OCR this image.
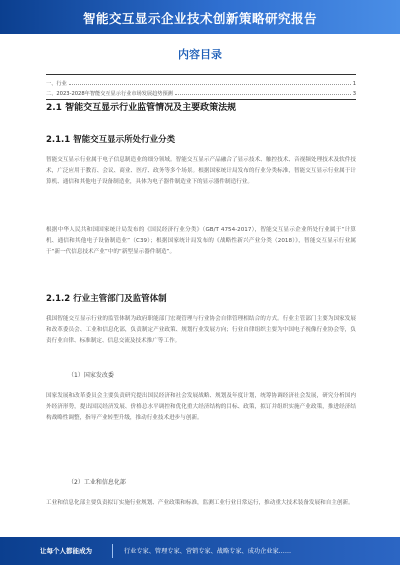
智能交互显示企业技术创新策略研究报告
内容目录
一、行业	1
二、2023-2028年智能交互显示行业市场发展趋势预测	3
2.1 智能交互显示行业监管情况及主要政策法规
2.1.1 智能交互显示所处行业分类
智能交互显示行业属于电子信息制造业的细分领域。智能交互显示产品融合了显示技术、触控技术、音视频处理技术及软件技术，广泛应用于教育、会议、商业、医疗、政务等多个场景。根据国家统计局发布的行业分类标准，智能交互显示行业属于计算机、通信和其他电子设备制造业，具体为电子器件制造业下的显示器件制造行业。
根据中华人民共和国国家统计局发布的《国民经济行业分类》（GB/T 4754-2017），智能交互显示企业所处行业属于“计算机、通信和其他电子设备制造业”（C39）；根据国家统计局发布的《战略性新兴产业分类（2018）》，智能交互显示行业属于“新一代信息技术产业”中的“新型显示器件制造”。
2.1.2 行业主管部门及监管体制
我国智能交互显示行业的监管体制为政府职能部门宏观管理与行业协会自律管理相结合的方式。行业主管部门主要为国家发展和改革委员会、工业和信息化部，负责制定产业政策、规划行业发展方向；行业自律组织主要为中国电子视像行业协会等，负责行业自律、标准制定、信息交流及技术推广等工作。
（1）国家发改委
国家发展和改革委员会主要负责研究提出国民经济和社会发展战略、规划及年度计划，统筹协调经济社会发展，研究分析国内外经济形势，提出国民经济发展、价格总水平调控和优化重大经济结构的目标、政策，拟订并组织实施产业政策，推进经济结构战略性调整，指导产业转型升级，推动行业技术进步与创新。
（2）工业和信息化部
工业和信息化部主要负责拟订实施行业规划、产业政策和标准，监测工业行业日常运行，推动重大技术装备发展和自主创新。
让每个人都能成为	行业专家、管理专家、营销专家、战略专家、成功企业家……
